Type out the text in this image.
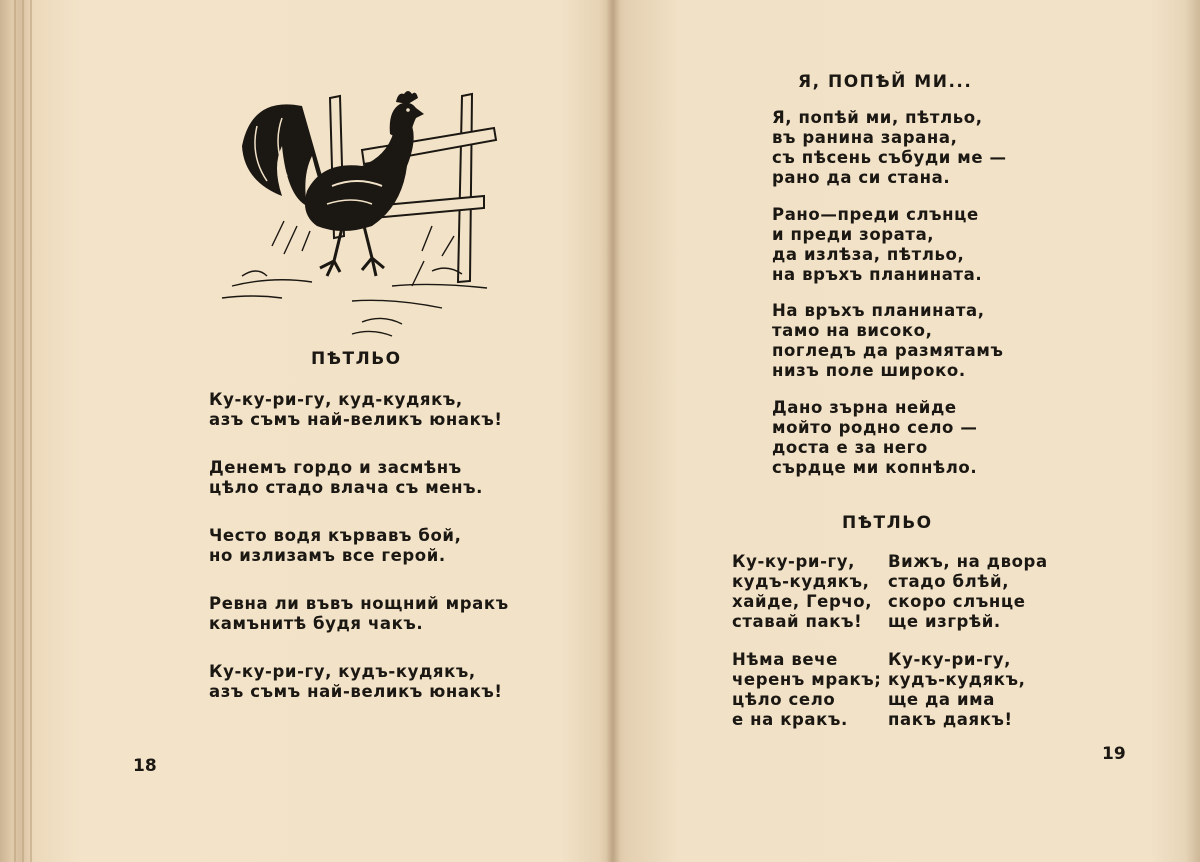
ПѢТЛЬО
Ку-ку-ри-гу, куд-кудякъ,
азъ съмъ най-великъ юнакъ!
Денемъ гордо и засмѣнъ
цѣло стадо влача съ менъ.
Често водя кървавъ бой,
но излизамъ все герой.
Ревна ли въвъ нощний мракъ
камънитѣ будя чакъ.
Ку-ку-ри-гу, кудъ-кудякъ,
азъ съмъ най-великъ юнакъ!
18
Я, ПОПѢЙ МИ...
Я, попѣй ми, пѣтльо,
въ ранина зарана,
съ пѣсень събуди ме —
рано да си стана.
Рано—преди слънце
и преди зората,
да излѣза, пѣтльо,
на връхъ планината.
На връхъ планината,
тамо на високо,
погледъ да размятамъ
низъ поле широко.
Дано зърна нейде
мойто родно село —
доста е за него
сърдце ми копнѣло.
ПѢТЛЬО
Ку-ку-ри-гу,
кудъ-кудякъ,
хайде, Герчо,
ставай пакъ!
Нѣма вече
черенъ мракъ;
цѣло село
е на кракъ.
Вижъ, на двора
стадо блѣй,
скоро слънце
ще изгрѣй.
Ку-ку-ри-гу,
кудъ-кудякъ,
ще да има
пакъ даякъ!
19
